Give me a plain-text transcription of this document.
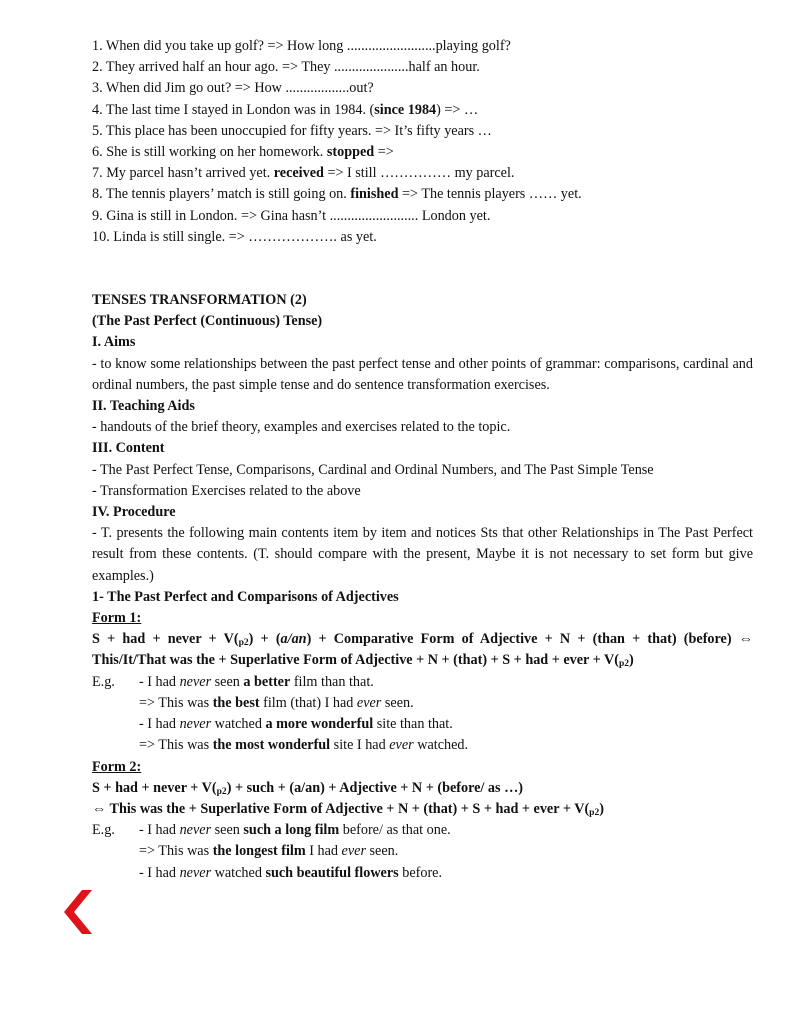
1. When did you take up golf? => How long .........................playing golf?
2. They arrived half an hour ago. => They .....................half an hour.
3. When did Jim go out? => How ..................out?
4. The last time I stayed in London was in 1984. (since 1984) => …
5. This place has been unoccupied for fifty years. => It’s fifty years …
6. She is still working on her homework. stopped =>
7. My parcel hasn’t arrived yet. received => I still …………… my parcel.
8. The tennis players’ match is still going on. finished => The tennis players …… yet.
9. Gina is still in London. => Gina hasn’t ......................... London yet.
10. Linda is still single. => ………………. as yet.
TENSES TRANSFORMATION (2)
(The Past Perfect (Continuous) Tense)
I. Aims
- to know some relationships between the past perfect tense and other points of grammar: comparisons, cardinal and ordinal numbers, the past simple tense and do sentence transformation exercises.
II. Teaching Aids
- handouts of the brief theory, examples and exercises related to the topic.
III. Content
- The Past Perfect Tense, Comparisons, Cardinal and Ordinal Numbers, and The Past Simple Tense
- Transformation Exercises related to the above
IV. Procedure
- T. presents the following main contents item by item and notices Sts that other Relationships in The Past Perfect result from these contents. (T. should compare with the present, Maybe it is not necessary to set form but give examples.)
1- The Past Perfect and Comparisons of Adjectives
Form 1:
S + had + never + $V(_{p2}) + (a/an)$ + Comparative Form of Adjective + N + (than + that) (before) ⇔ This/It/That was the + Superlative Form of Adjective + N + (that) + S + had + ever + $V(_{p2})$
E.g. - I had never seen a better film than that.
=> This was the best film (that) I had ever seen.
- I had never watched a more wonderful site than that.
=> This was the most wonderful site I had ever watched.
Form 2:
S + had + never + $V(_{p2})$ + such + (a/an) + Adjective + N + (before/ as …)
⇔ This was the + Superlative Form of Adjective + N + (that) + S + had + ever + $V(_{p2})$
E.g. - I had never seen such a long film before/ as that one.
=> This was the longest film I had ever seen.
- I had never watched such beautiful flowers before.
